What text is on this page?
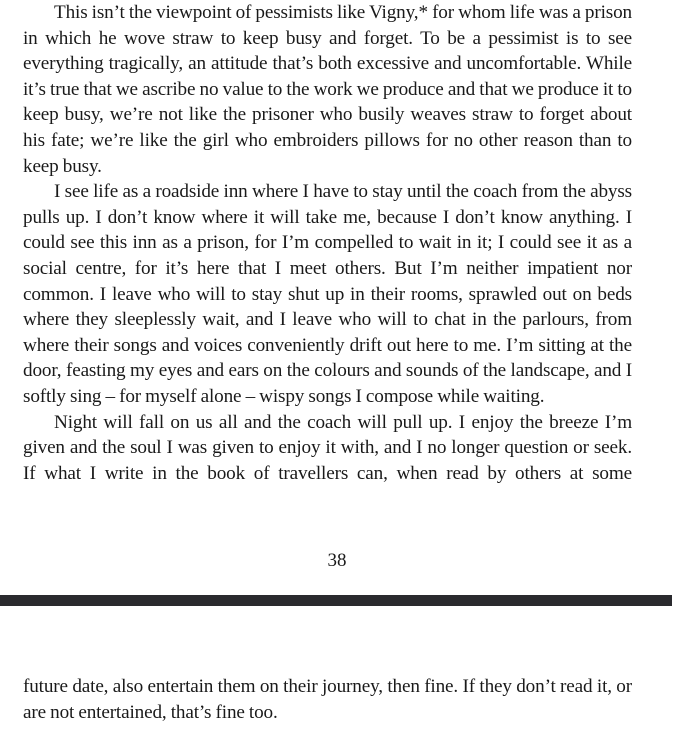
This isn’t the viewpoint of pessimists like Vigny,* for whom life was a prison in which he wove straw to keep busy and forget. To be a pessimist is to see everything tragically, an attitude that’s both excessive and uncomfortable. While it’s true that we ascribe no value to the work we produce and that we produce it to keep busy, we’re not like the prisoner who busily weaves straw to forget about his fate; we’re like the girl who embroiders pillows for no other reason than to keep busy.

I see life as a roadside inn where I have to stay until the coach from the abyss pulls up. I don’t know where it will take me, because I don’t know anything. I could see this inn as a prison, for I’m compelled to wait in it; I could see it as a social centre, for it’s here that I meet others. But I’m neither impatient nor common. I leave who will to stay shut up in their rooms, sprawled out on beds where they sleeplessly wait, and I leave who will to chat in the parlours, from where their songs and voices conveniently drift out here to me. I’m sitting at the door, feasting my eyes and ears on the colours and sounds of the landscape, and I softly sing – for myself alone – wispy songs I compose while waiting.

Night will fall on us all and the coach will pull up. I enjoy the breeze I’m given and the soul I was given to enjoy it with, and I no longer question or seek. If what I write in the book of travellers can, when read by others at some

38

future date, also entertain them on their journey, then fine. If they don’t read it, or are not entertained, that’s fine too.
